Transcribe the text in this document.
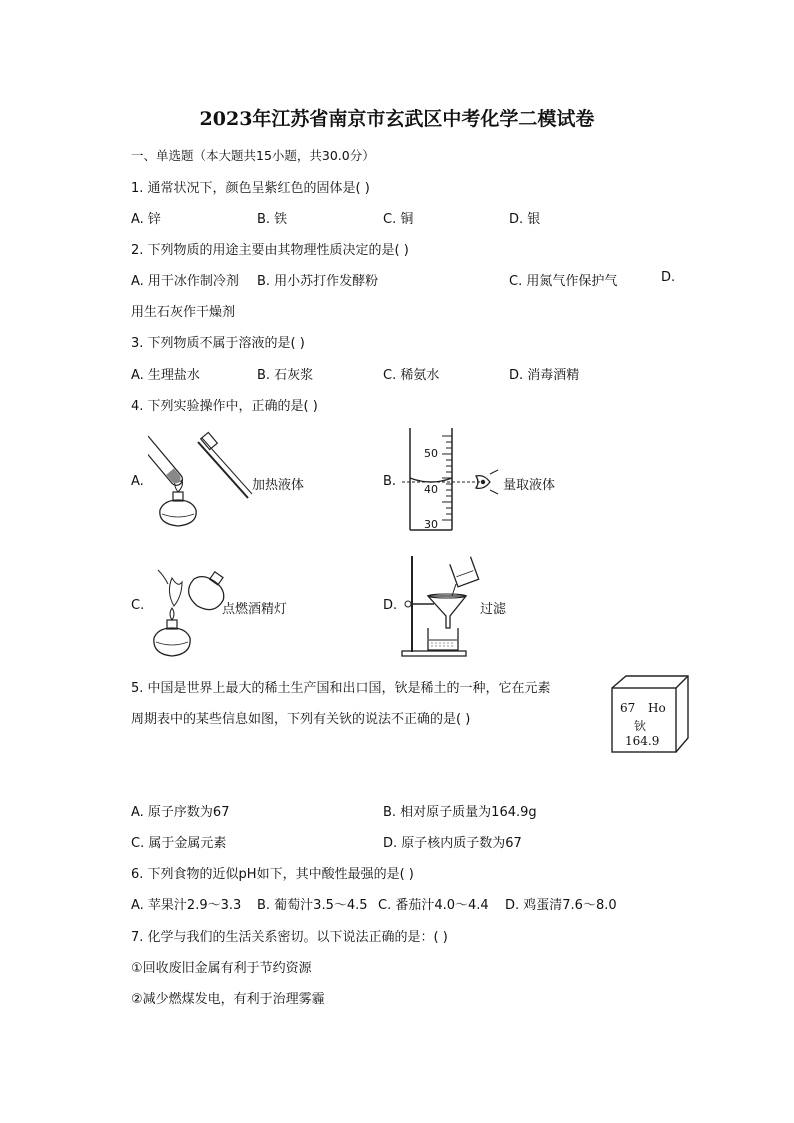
2023年江苏省南京市玄武区中考化学二模试卷
一、单选题（本大题共15小题，共30.0分）
1. 通常状况下，颜色呈紫红色的固体是( )
A. 锌	B. 铁	C. 铜	D. 银
2. 下列物质的用途主要由其物理性质决定的是( )
A. 用干冰作制冷剂 B. 用小苏打作发酵粉	C. 用氮气作保护气	D.
用生石灰作干燥剂
3. 下列物质不属于溶液的是( )
A. 生理盐水	B. 石灰浆	C. 稀氨水	D. 消毒酒精
4. 下列实验操作中，正确的是( )
A.	B.
C.	D.
加热液体
50
40
30
量取液体
点燃酒精灯	过滤
5. 中国是世界上最大的稀土生产国和出口国，钬是稀土的一种，它在元素
周期表中的某些信息如图，下列有关钬的说法不正确的是( )
67 Ho
钬
164.9
A. 原子序数为67	B. 相对原子质量为164.9g
C. 属于金属元素	D. 原子核内质子数为67
6. 下列食物的近似pH如下，其中酸性最强的是( )
A. 苹果汁2.9～3.3 B. 葡萄汁3.5～4.5 C. 番茄汁4.0～4.4 D. 鸡蛋清7.6～8.0
7. 化学与我们的生活关系密切。以下说法正确的是：( )
①回收废旧金属有利于节约资源
②减少燃煤发电，有利于治理雾霾
